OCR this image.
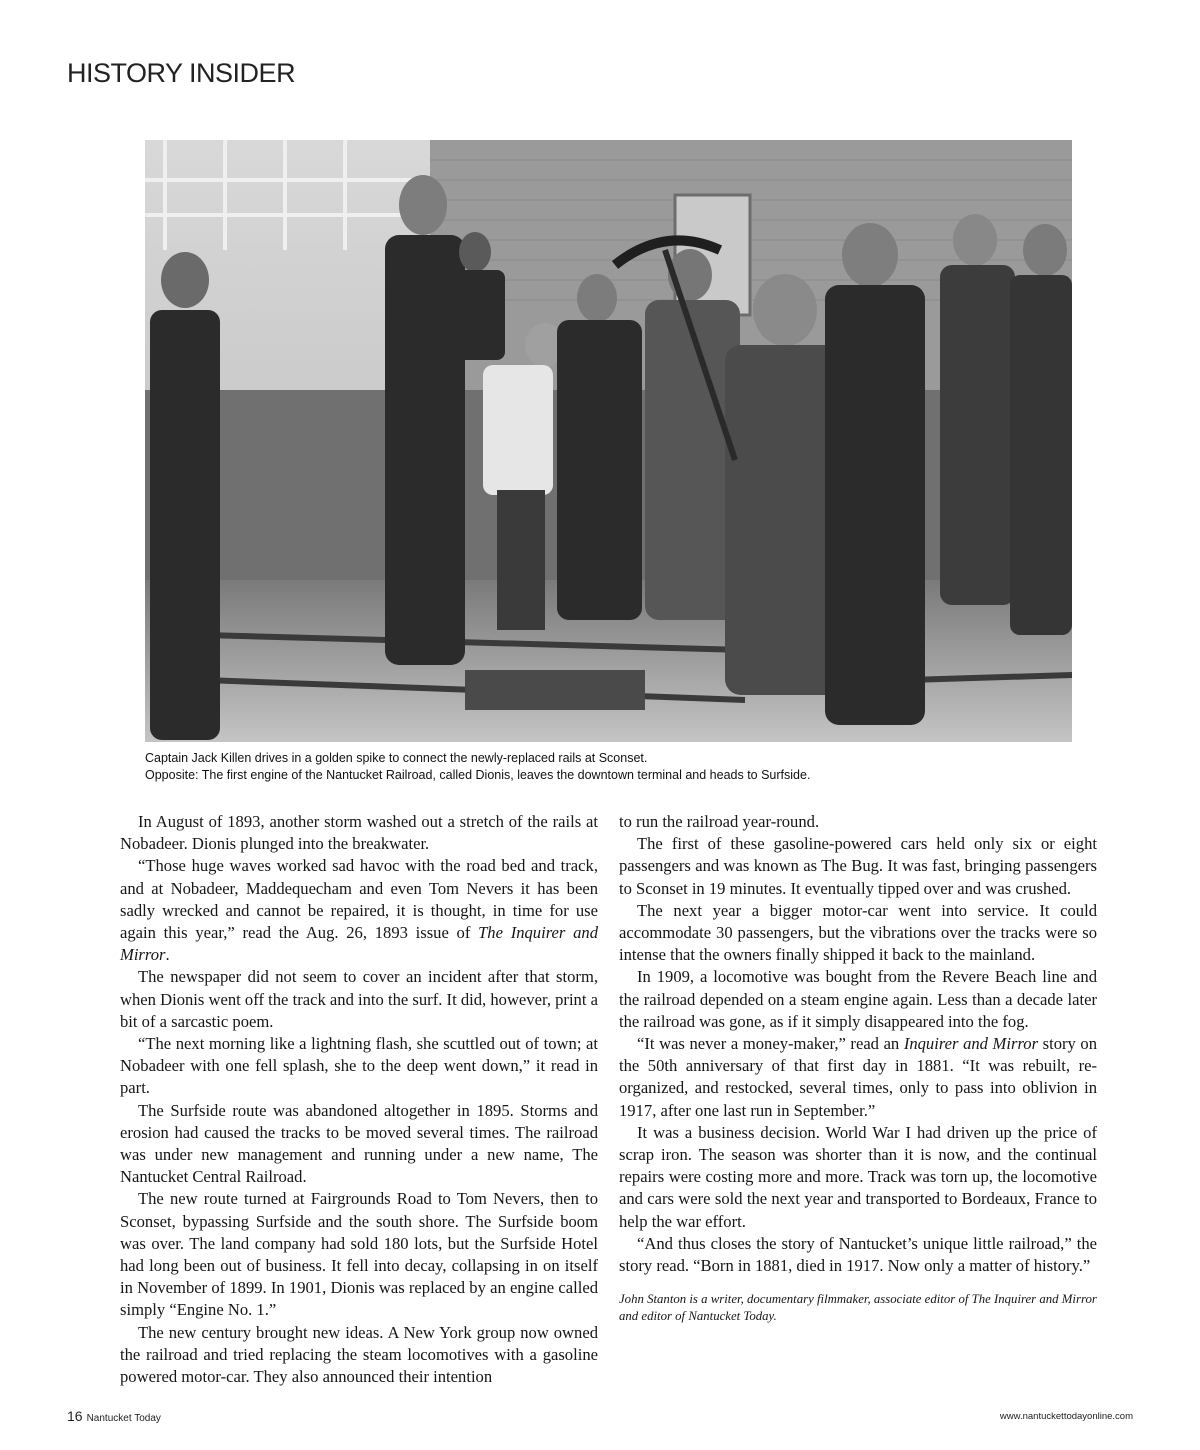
HISTORY INSIDER
Captain Jack Killen drives in a golden spike to connect the newly-replaced rails at Sconset.
Opposite: The first engine of the Nantucket Railroad, called Dionis, leaves the downtown terminal and heads to Surfside.

In August of 1893, another storm washed out a stretch of the rails at Nobadeer. Dionis plunged into the breakwater.

“Those huge waves worked sad havoc with the road bed and track, and at Nobadeer, Maddequecham and even Tom Nevers it has been sadly wrecked and cannot be repaired, it is thought, in time for use again this year,” read the Aug. 26, 1893 issue of The Inquirer and Mirror.

The newspaper did not seem to cover an incident after that storm, when Dionis went off the track and into the surf. It did, however, print a bit of a sarcastic poem.

“The next morning like a lightning flash, she scuttled out of town; at Nobadeer with one fell splash, she to the deep went down,” it read in part.

The Surfside route was abandoned altogether in 1895. Storms and erosion had caused the tracks to be moved several times. The railroad was under new management and running under a new name, The Nantucket Central Railroad.

The new route turned at Fairgrounds Road to Tom Nevers, then to Sconset, bypassing Surfside and the south shore. The Surfside boom was over. The land company had sold 180 lots, but the Surfside Hotel had long been out of business. It fell into decay, collapsing in on itself in November of 1899. In 1901, Dionis was replaced by an engine called simply “Engine No. 1.”

The new century brought new ideas. A New York group now owned the railroad and tried replacing the steam locomotives with a gasoline powered motor-car. They also announced their intention

to run the railroad year-round.

The first of these gasoline-powered cars held only six or eight passengers and was known as The Bug. It was fast, bringing passengers to Sconset in 19 minutes. It eventually tipped over and was crushed.

The next year a bigger motor-car went into service. It could accommodate 30 passengers, but the vibrations over the tracks were so intense that the owners finally shipped it back to the mainland.

In 1909, a locomotive was bought from the Revere Beach line and the railroad depended on a steam engine again. Less than a decade later the railroad was gone, as if it simply disappeared into the fog.

“It was never a money-maker,” read an Inquirer and Mirror story on the 50th anniversary of that first day in 1881. “It was rebuilt, re-organized, and restocked, several times, only to pass into oblivion in 1917, after one last run in September.”

It was a business decision. World War I had driven up the price of scrap iron. The season was shorter than it is now, and the continual repairs were costing more and more. Track was torn up, the locomotive and cars were sold the next year and transported to Bordeaux, France to help the war effort.

“And thus closes the story of Nantucket’s unique little railroad,” the story read. “Born in 1881, died in 1917. Now only a matter of history.”

John Stanton is a writer, documentary filmmaker, associate editor of The Inquirer and Mirror and editor of Nantucket Today.

16 Nantucket Today	www.nantuckettodayonline.com
